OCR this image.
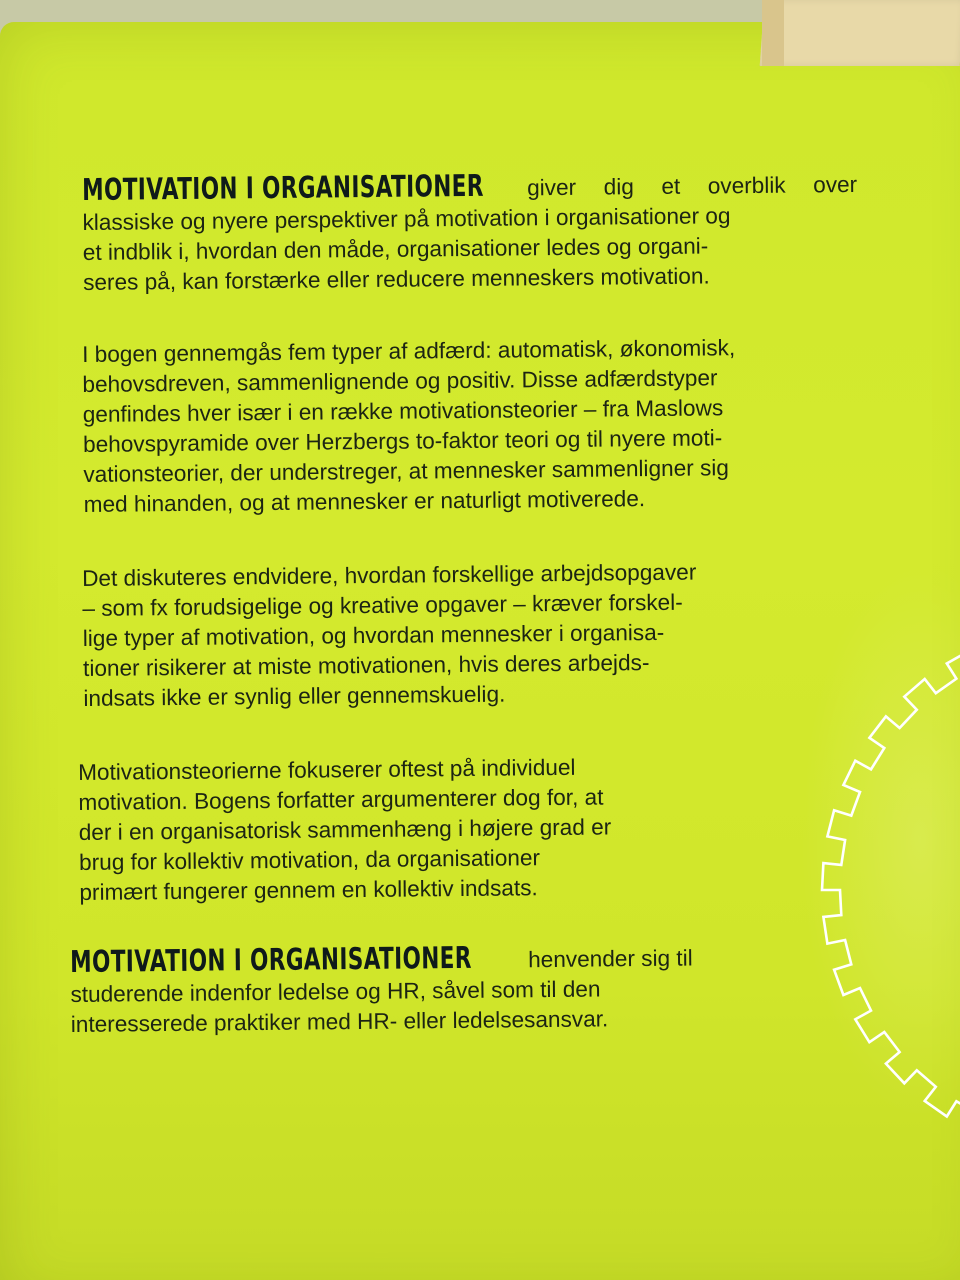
MOTIVATION I ORGANISATIONER giver dig et overblik over
klassiske og nyere perspektiver på motivation i organisationer og
et indblik i, hvordan den måde, organisationer ledes og organi-
seres på, kan forstærke eller reducere menneskers motivation.
I bogen gennemgås fem typer af adfærd: automatisk, økonomisk,
behovsdreven, sammenlignende og positiv. Disse adfærdstyper
genfindes hver især i en række motivationsteorier – fra Maslows
behovspyramide over Herzbergs to-faktor teori og til nyere moti-
vationsteorier, der understreger, at mennesker sammenligner sig
med hinanden, og at mennesker er naturligt motiverede.
Det diskuteres endvidere, hvordan forskellige arbejdsopgaver
– som fx forudsigelige og kreative opgaver – kræver forskel-
lige typer af motivation, og hvordan mennesker i organisa-
tioner risikerer at miste motivationen, hvis deres arbejds-
indsats ikke er synlig eller gennemskuelig.
Motivationsteorierne fokuserer oftest på individuel
motivation. Bogens forfatter argumenterer dog for, at
der i en organisatorisk sammenhæng i højere grad er
brug for kollektiv motivation, da organisationer
primært fungerer gennem en kollektiv indsats.
MOTIVATION I ORGANISATIONER henvender sig til
studerende indenfor ledelse og HR, såvel som til den
interesserede praktiker med HR- eller ledelsesansvar.
